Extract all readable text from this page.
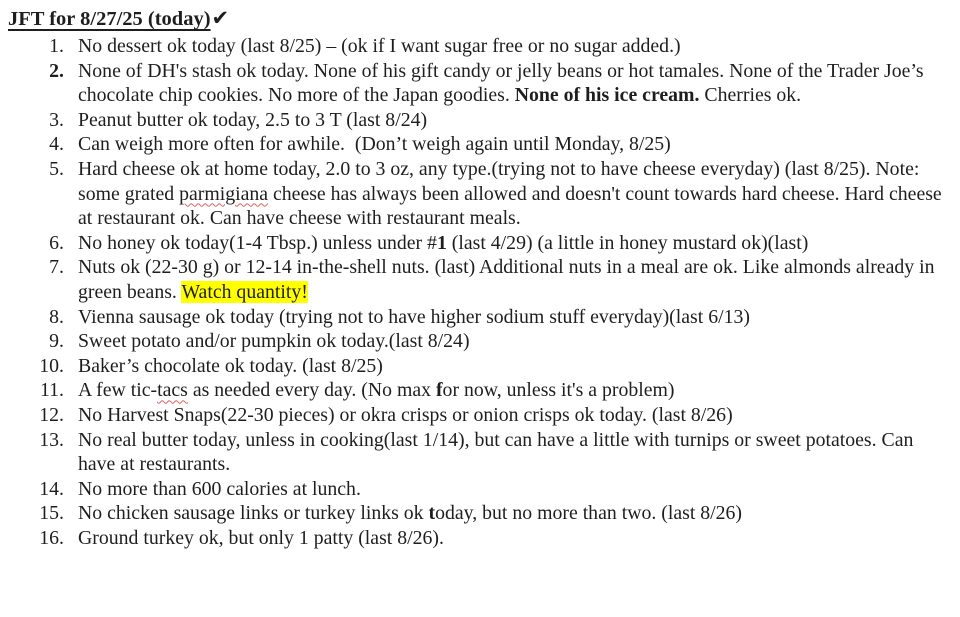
JFT for 8/27/25 (today)✔
1. No dessert ok today (last 8/25) – (ok if I want sugar free or no sugar added.)
2. None of DH's stash ok today. None of his gift candy or jelly beans or hot tamales. None of the Trader Joe’s chocolate chip cookies. No more of the Japan goodies. None of his ice cream. Cherries ok.
3. Peanut butter ok today, 2.5 to 3 T (last 8/24)
4. Can weigh more often for awhile.  (Don’t weigh again until Monday, 8/25)
5. Hard cheese ok at home today, 2.0 to 3 oz, any type.(trying not to have cheese everyday) (last 8/25). Note: some grated parmigiana cheese has always been allowed and doesn't count towards hard cheese. Hard cheese at restaurant ok. Can have cheese with restaurant meals.
6. No honey ok today(1-4 Tbsp.) unless under #1 (last 4/29) (a little in honey mustard ok)(last)
7. Nuts ok (22-30 g) or 12-14 in-the-shell nuts. (last) Additional nuts in a meal are ok. Like almonds already in green beans. Watch quantity!
8. Vienna sausage ok today (trying not to have higher sodium stuff everyday)(last 6/13)
9. Sweet potato and/or pumpkin ok today.(last 8/24)
10. Baker’s chocolate ok today. (last 8/25)
11. A few tic-tacs as needed every day. (No max for now, unless it's a problem)
12. No Harvest Snaps(22-30 pieces) or okra crisps or onion crisps ok today. (last 8/26)
13. No real butter today, unless in cooking(last 1/14), but can have a little with turnips or sweet potatoes. Can have at restaurants.
14. No more than 600 calories at lunch.
15. No chicken sausage links or turkey links ok today, but no more than two. (last 8/26)
16. Ground turkey ok, but only 1 patty (last 8/26).
